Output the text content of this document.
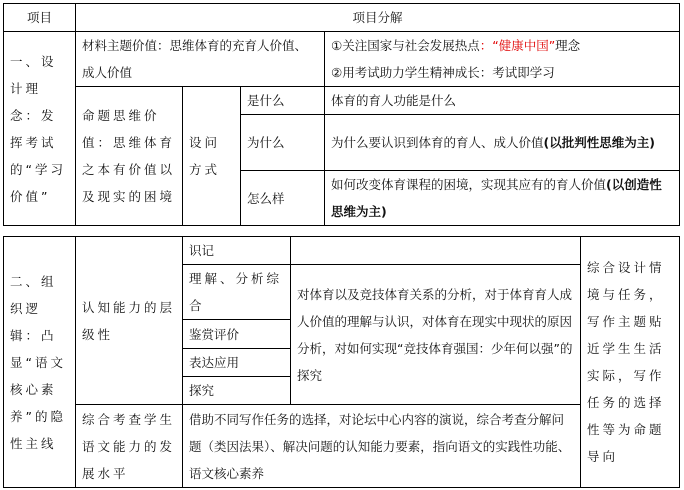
项目	项目分解			
一、设计理念：发挥考试的“学习价值”	材料主题价值：思维体育的充育人价值、成人价值			①关注国家与社会发展热点：“健康中国”理念
②用考试助力学生精神成长：考试即学习

	命题思维价值：思维体育之本有价值以及现实的困境	设问方式	是什么	体育的育人功能是什么
			为什么	为什么要认识到体育的育人、成人价值(以批判性思维为主)
			怎么样	如何改变体育课程的困境，实现其应有的育人价值(以创造性思维为主)
二、组织逻辑：凸显“语文核心素养”的隐性主线	认知能力的层级性	识记		综合设计情境与任务，写作主题贴近学生生活实际，写作任务的选择性等为命题导向
		理解、分析综合	对体育以及竞技体育关系的分析，对于体育育人成人价值的理解与认识，对体育在现实中现状的原因分析，对如何实现“竞技体育强国：少年何以强”的探究	
		鉴赏评价		
		表达应用		
		探究		
	综合考查学生语文能力的发展水平	借助不同写作任务的选择，对论坛中心内容的演说，综合考查分解问题（类因法果）、解决问题的认知能力要素，指向语文的实践性功能、语文核心素养		
